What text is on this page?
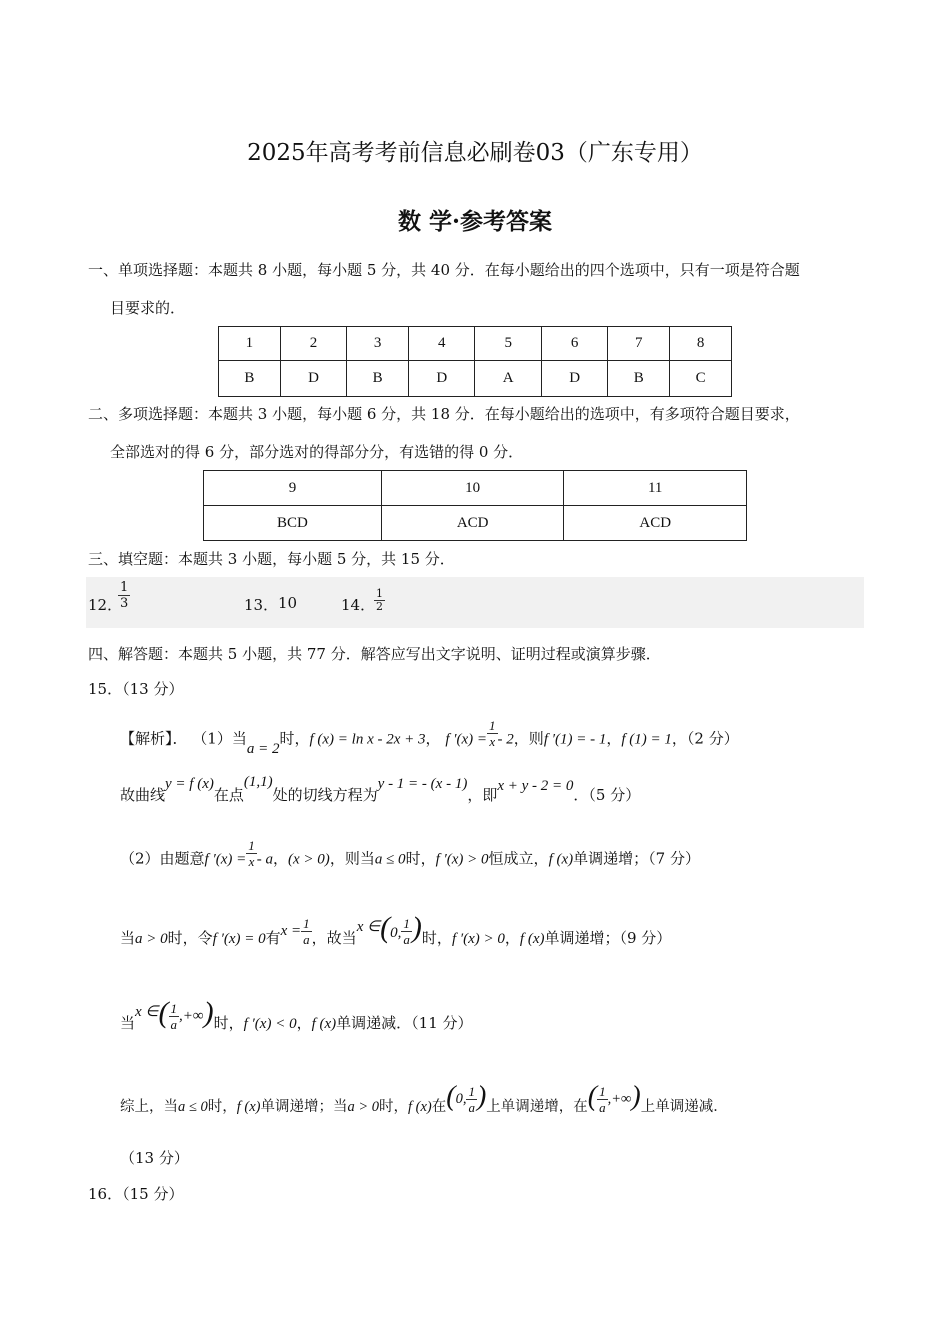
2025年高考考前信息必刷卷03（广东专用）
数 学·参考答案
一、单项选择题：本题共 8 小题，每小题 5 分，共 40 分．在每小题给出的四个选项中，只有一项是符合题
目要求的．
1	2	3	4	5	6	7	8
B	D	B	D	A	D	B	C
二、多项选择题：本题共 3 小题，每小题 6 分，共 18 分．在每小题给出的选项中，有多项符合题目要求，
全部选对的得 6 分，部分选对的得部分分，有选错的得 0 分．
9	10	11
BCD	ACD	ACD
三、填空题：本题共 3 小题，每小题 5 分，共 15 分．
12．
$\frac{1}{3}$	13． 10	14．
$\frac{1}{2}$
四、解答题：本题共 5 小题，共 77 分．解答应写出文字说明、证明过程或演算步骤．
15．（13 分）
【解析】． （1）当a = 2时，f (x) = ln x - 2x + 3， f $'(x) = \frac{1}{x} - 2$，则f ′(1) = - 1，f (1) = 1，（2 分）
故曲线y = f (x)在点(1,1)处的切线方程为y - 1 = - (x - 1)，即x + y - 2 = 0．（5 分）
（2）由题意f $'(x) = \frac{1}{x} - a$，(x > 0)，则当a ≤ 0时，f ′(x) > 0恒成立，f (x)单调递增；（7 分）
当a > 0时，令f ′(x) = 0有$x = \frac{1}{a}$ ，故当x ∈(0, $\frac{1}{a}$ )时，f ′(x) > 0，f (x)单调递增；（9 分）
当x ∈( $\frac{1}{a}$ ,+∞)时，f ′(x) < 0，f (x)单调递减．（11 分）
综上，当a ≤ 0时，f (x)单调递增；当a > 0时，f (x)在(0, $\frac{1}{a}$ )上单调递增，在( $\frac{1}{a}$ ,+∞)上单调递减．
（13 分）
16．（15 分）
